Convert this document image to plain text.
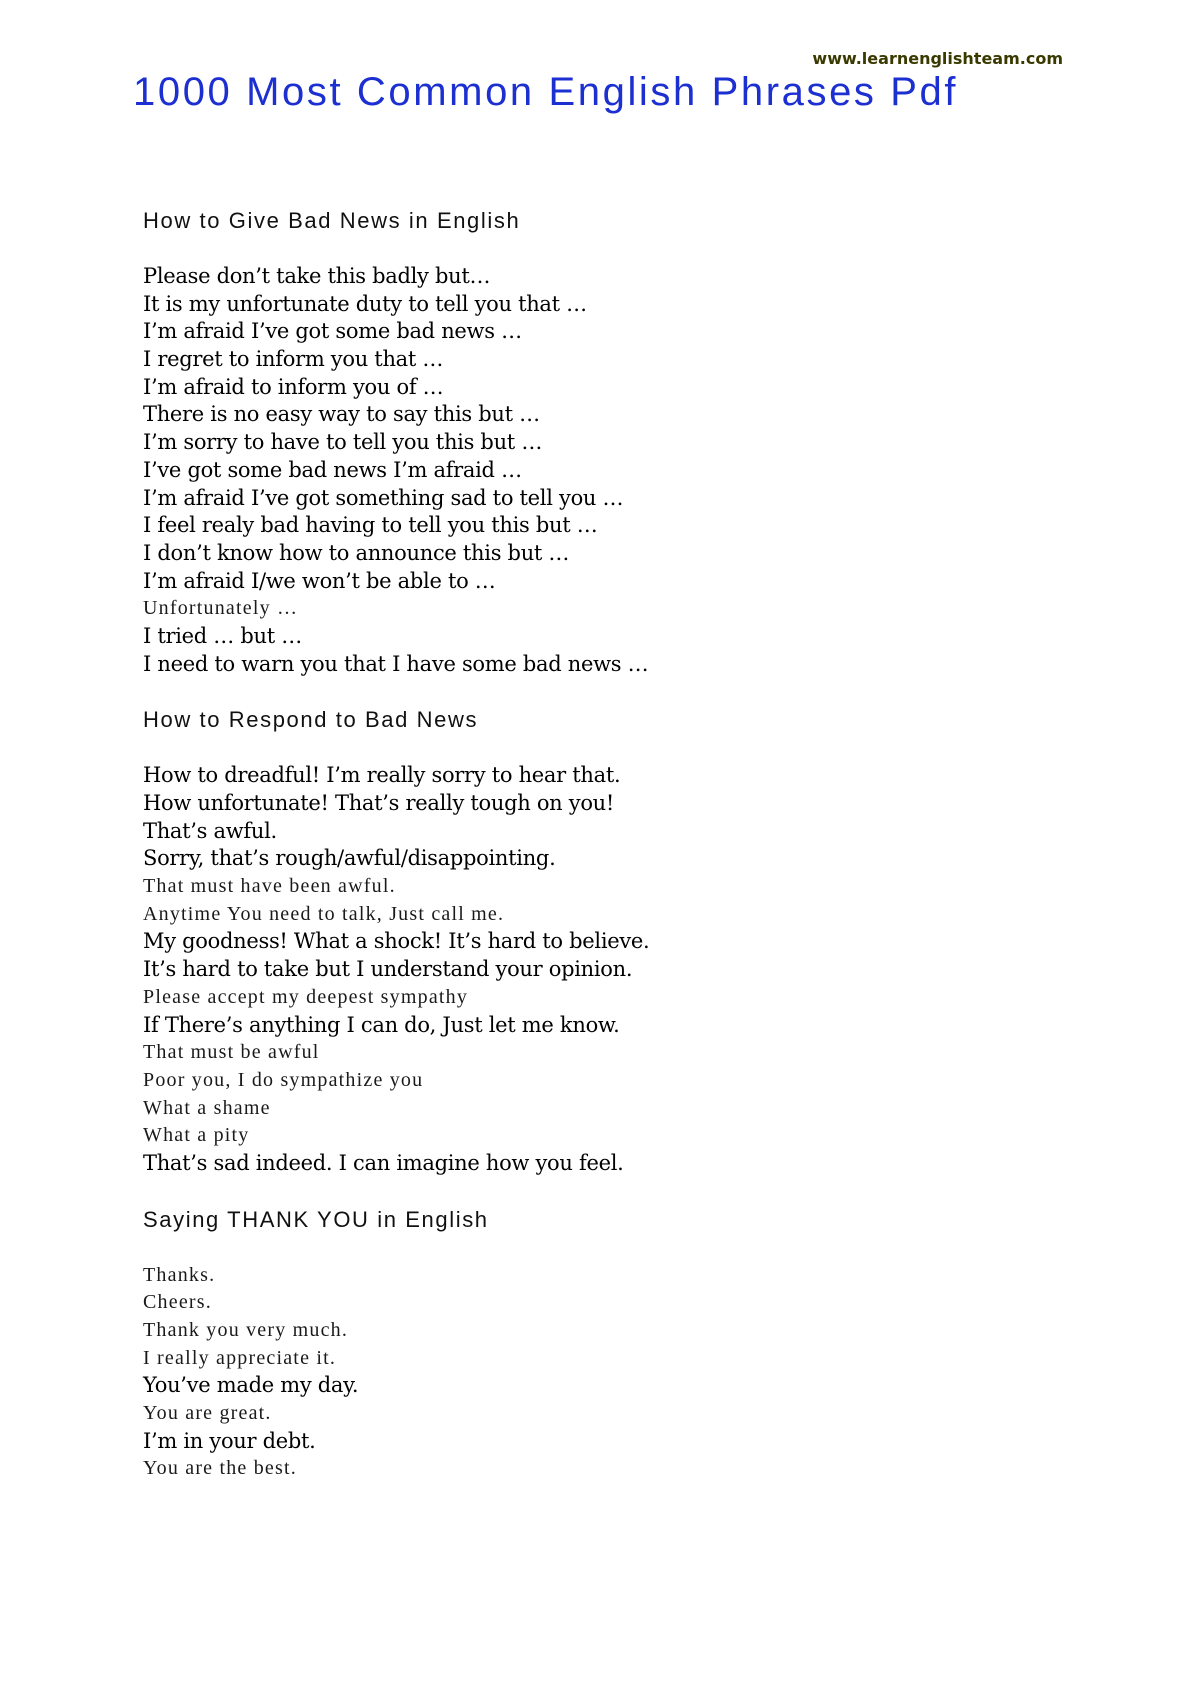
www.learnenglishteam.com
1000 Most Common English Phrases Pdf
How to Give Bad News in English
Please don’t take this badly but…
It is my unfortunate duty to tell you that …
I’m afraid I’ve got some bad news …
I regret to inform you that …
I’m afraid to inform you of …
There is no easy way to say this but …
I’m sorry to have to tell you this but …
I’ve got some bad news I’m afraid …
I’m afraid I’ve got something sad to tell you …
I feel realy bad having to tell you this but …
I don’t know how to announce this but …
I’m afraid I/we won’t be able to …
Unfortunately …
I tried … but …
I need to warn you that I have some bad news …
How to Respond to Bad News
How to dreadful! I’m really sorry to hear that.
How unfortunate! That’s really tough on you!
That’s awful.
Sorry, that’s rough/awful/disappointing.
That must have been awful.
Anytime You need to talk, Just call me.
My goodness! What a shock! It’s hard to believe.
It’s hard to take but I understand your opinion.
Please accept my deepest sympathy
If There’s anything I can do, Just let me know.
That must be awful
Poor you, I do sympathize you
What a shame
What a pity
That’s sad indeed. I can imagine how you feel.
Saying THANK YOU in English
Thanks.
Cheers.
Thank you very much.
I really appreciate it.
You’ve made my day.
You are great.
I’m in your debt.
You are the best.
